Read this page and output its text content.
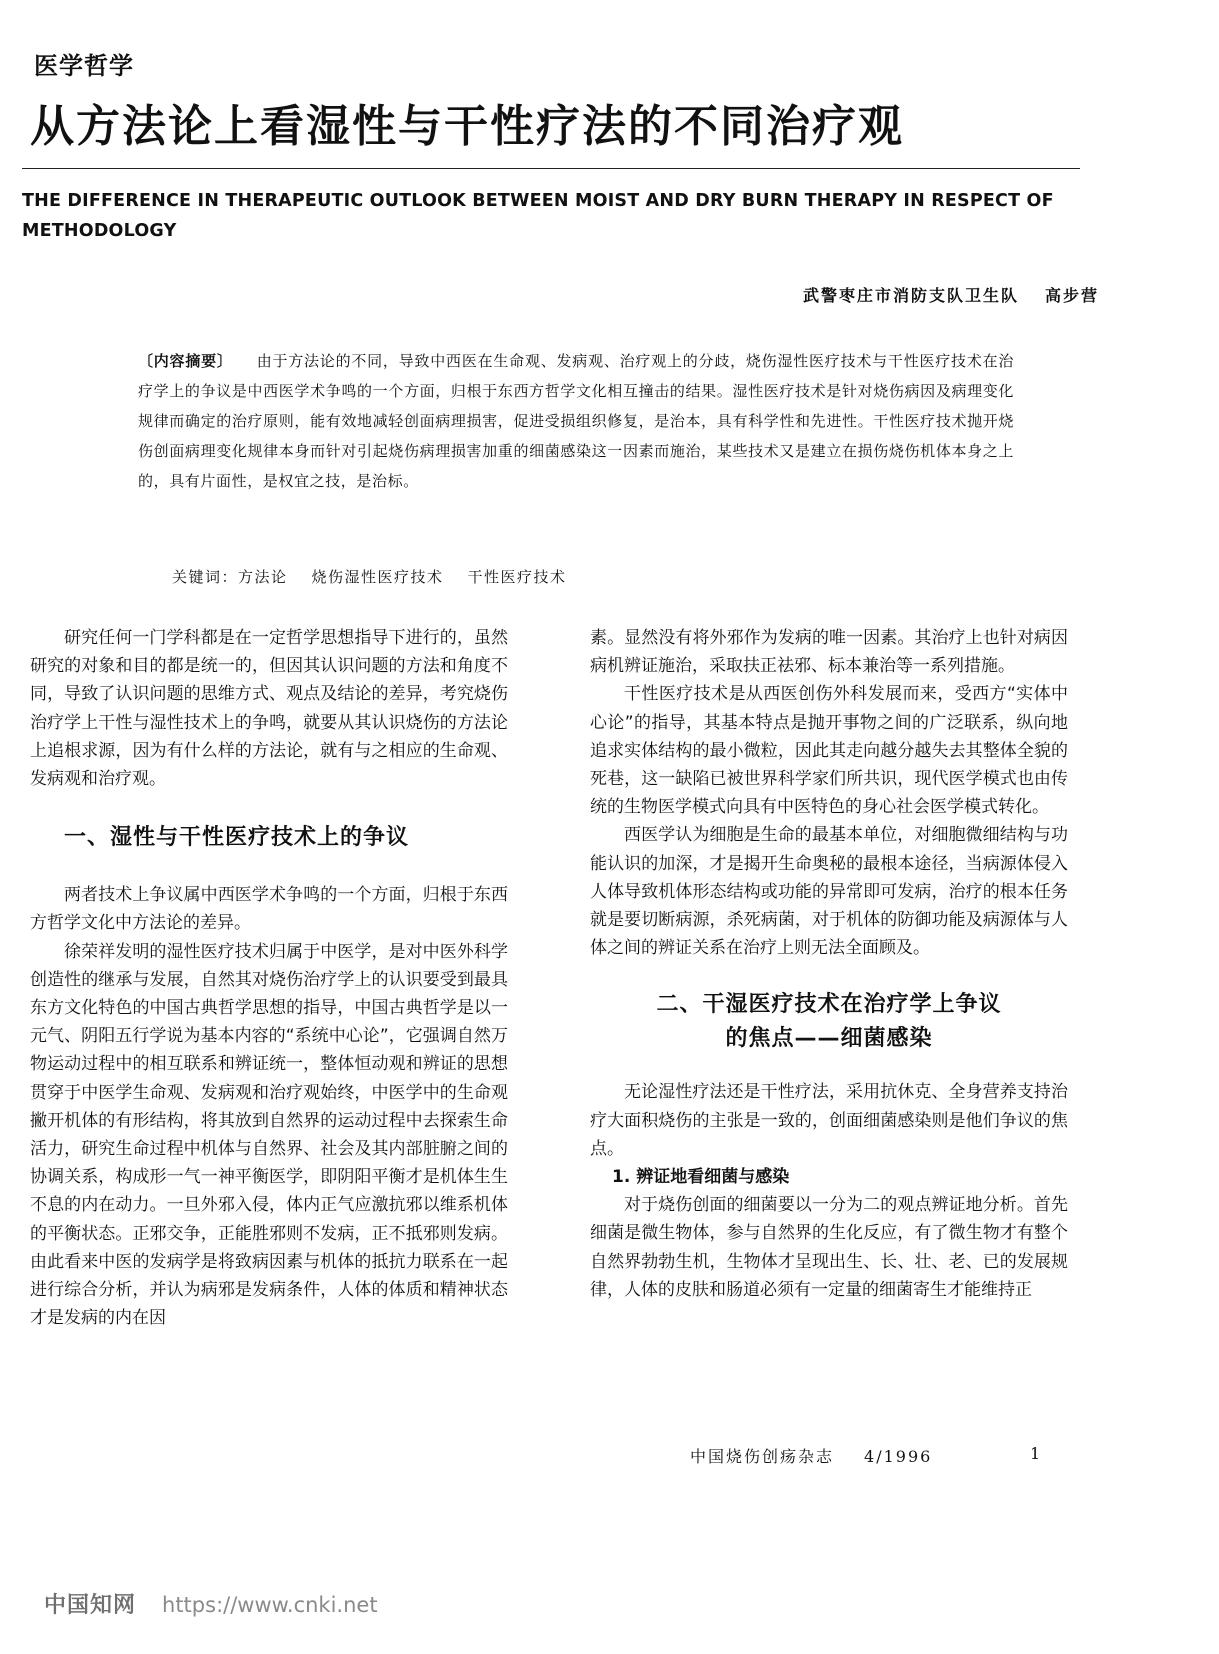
医学哲学
从方法论上看湿性与干性疗法的不同治疗观
THE DIFFERENCE IN THERAPEUTIC OUTLOOK BETWEEN MOIST AND DRY BURN THERAPY IN RESPECT OF METHODOLOGY
武警枣庄市消防支队卫生队 高步营
〔内容摘要〕 由于方法论的不同，导致中西医在生命观、发病观、治疗观上的分歧，烧伤湿性医疗技术与干性医疗技术在治疗学上的争议是中西医学术争鸣的一个方面，归根于东西方哲学文化相互撞击的结果。湿性医疗技术是针对烧伤病因及病理变化规律而确定的治疗原则，能有效地减轻创面病理损害，促进受损组织修复，是治本，具有科学性和先进性。干性医疗技术抛开烧伤创面病理变化规律本身而针对引起烧伤病理损害加重的细菌感染这一因素而施治，某些技术又是建立在损伤烧伤机体本身之上的，具有片面性，是权宜之技，是治标。
关键词：方法论 烧伤湿性医疗技术 干性医疗技术

研究任何一门学科都是在一定哲学思想指导下进行的，虽然研究的对象和目的都是统一的，但因其认识问题的方法和角度不同，导致了认识问题的思维方式、观点及结论的差异，考究烧伤治疗学上干性与湿性技术上的争鸣，就要从其认识烧伤的方法论上追根求源，因为有什么样的方法论，就有与之相应的生命观、发病观和治疗观。

一、湿性与干性医疗技术上的争议

两者技术上争议属中西医学术争鸣的一个方面，归根于东西方哲学文化中方法论的差异。

徐荣祥发明的湿性医疗技术归属于中医学，是对中医外科学创造性的继承与发展，自然其对烧伤治疗学上的认识要受到最具东方文化特色的中国古典哲学思想的指导，中国古典哲学是以一元气、阴阳五行学说为基本内容的“系统中心论”，它强调自然万物运动过程中的相互联系和辨证统一，整体恒动观和辨证的思想贯穿于中医学生命观、发病观和治疗观始终，中医学中的生命观撇开机体的有形结构，将其放到自然界的运动过程中去探索生命活力，研究生命过程中机体与自然界、社会及其内部脏腑之间的协调关系，构成形一气一神平衡医学，即阴阳平衡才是机体生生不息的内在动力。一旦外邪入侵，体内正气应激抗邪以维系机体的平衡状态。正邪交争，正能胜邪则不发病，正不抵邪则发病。由此看来中医的发病学是将致病因素与机体的抵抗力联系在一起进行综合分析，并认为病邪是发病条件，人体的体质和精神状态才是发病的内在因

素。显然没有将外邪作为发病的唯一因素。其治疗上也针对病因病机辨证施治，采取扶正祛邪、标本兼治等一系列措施。

干性医疗技术是从西医创伤外科发展而来，受西方“实体中心论”的指导，其基本特点是抛开事物之间的广泛联系，纵向地追求实体结构的最小微粒，因此其走向越分越失去其整体全貌的死巷，这一缺陷已被世界科学家们所共识，现代医学模式也由传统的生物医学模式向具有中医特色的身心社会医学模式转化。

西医学认为细胞是生命的最基本单位，对细胞微细结构与功能认识的加深，才是揭开生命奥秘的最根本途径，当病源体侵入人体导致机体形态结构或功能的异常即可发病，治疗的根本任务就是要切断病源，杀死病菌，对于机体的防御功能及病源体与人体之间的辨证关系在治疗上则无法全面顾及。

二、干湿医疗技术在治疗学上争议
的焦点——细菌感染

无论湿性疗法还是干性疗法，采用抗休克、全身营养支持治疗大面积烧伤的主张是一致的，创面细菌感染则是他们争议的焦点。

1. 辨证地看细菌与感染

对于烧伤创面的细菌要以一分为二的观点辨证地分析。首先细菌是微生物体，参与自然界的生化反应，有了微生物才有整个自然界勃勃生机，生物体才呈现出生、长、壮、老、已的发展规律，人体的皮肤和肠道必须有一定量的细菌寄生才能维持正

中国烧伤创疡杂志 4/1996	1
中国知网 https://www.cnki.net
